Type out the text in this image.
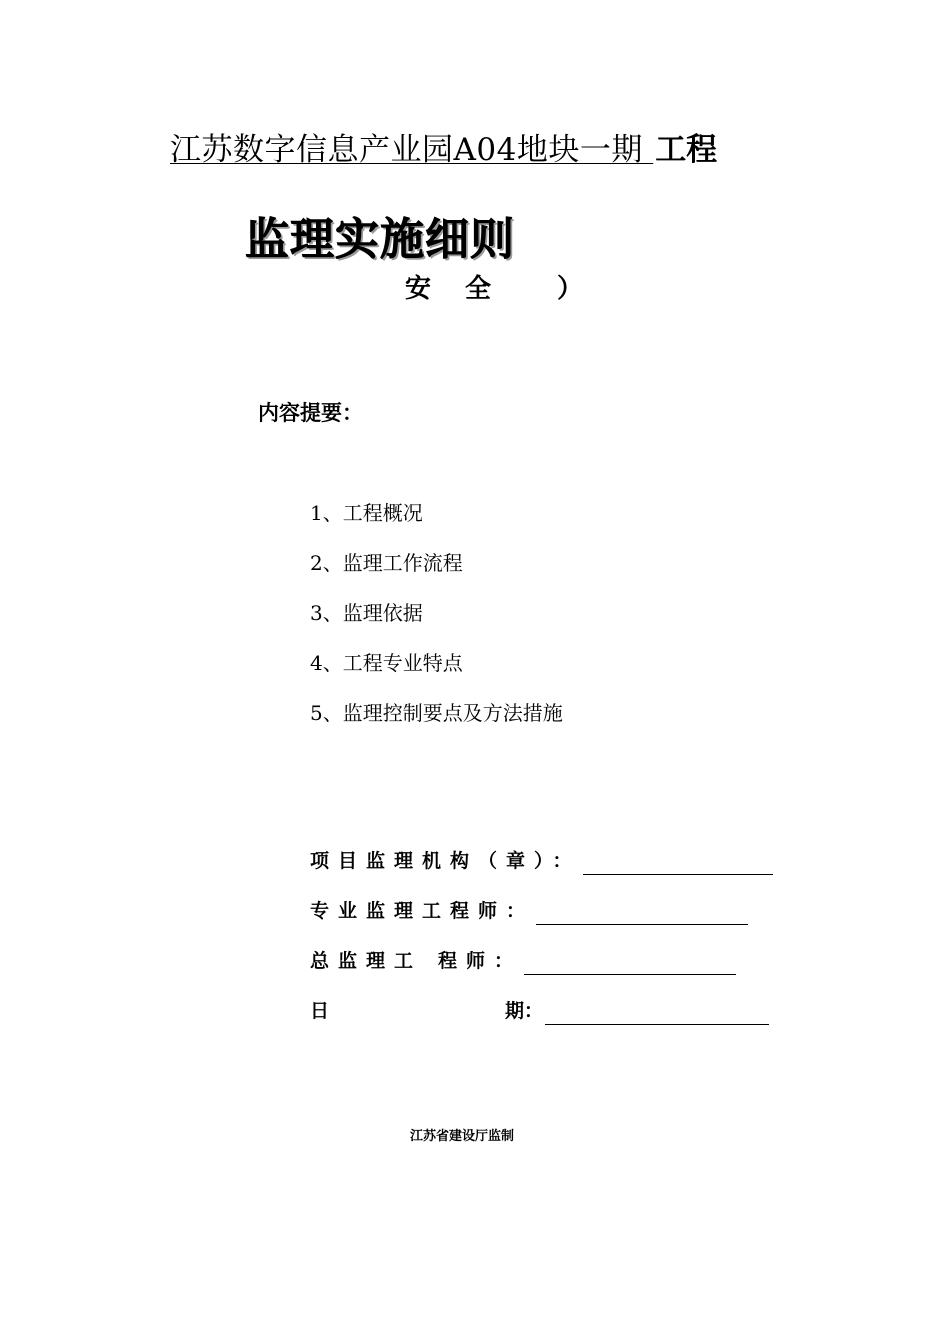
江苏数字信息产业园A04地块一期 工程
监理实施细则
安 全	）
内容提要：
1、工程概况
2、监理工作流程
3、监理依据
4、工程专业特点
5、监理控制要点及方法措施
项目监理机构（章）：
专业监理工程师：
总监理工 程师：
日	期：
江苏省建设厅监制
